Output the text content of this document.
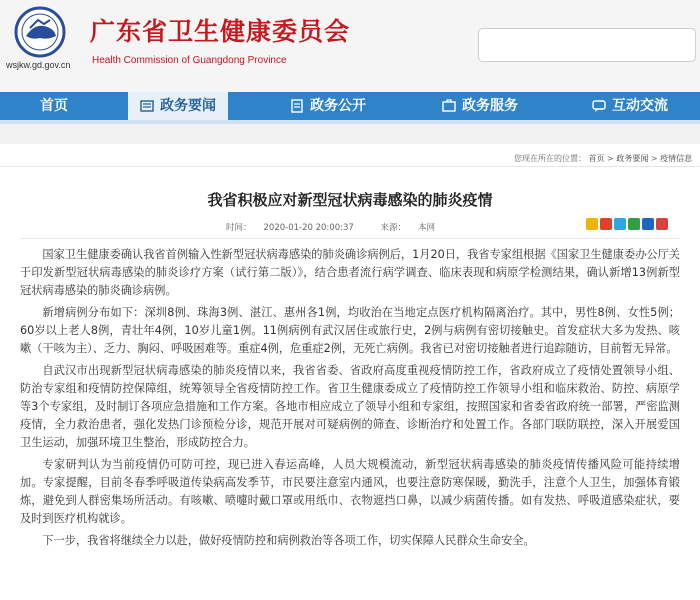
wsjkw.gd.gov.cn
广东省卫生健康委员会
Health Commission of Guangdong Province
首页	政务要闻	政务公开	政务服务	互动交流
您现在所在的位置： 首页 > 政务要闻 > 疫情信息
我省积极应对新型冠状病毒感染的肺炎疫情
时间： 2020-01-20 20:00:37	来源： 本网

国家卫生健康委确认我省首例输入性新型冠状病毒感染的肺炎确诊病例后，1月20日，我省专家组根据《国家卫生健康委办公厅关于印发新型冠状病毒感染的肺炎诊疗方案（试行第二版）》，结合患者流行病学调查、临床表现和病原学检测结果，确认新增13例新型冠状病毒感染的肺炎确诊病例。

新增病例分布如下：深圳8例、珠海3例、湛江、惠州各1例，均收治在当地定点医疗机构隔离治疗。其中，男性8例、女性5例；60岁以上老人8例，青壮年4例，10岁儿童1例。11例病例有武汉居住或旅行史，2例与病例有密切接触史。首发症状大多为发热、咳嗽（干咳为主）、乏力、胸闷、呼吸困难等。重症4例，危重症2例，无死亡病例。我省已对密切接触者进行追踪随访，目前暂无异常。

自武汉市出现新型冠状病毒感染的肺炎疫情以来，我省省委、省政府高度重视疫情防控工作，省政府成立了疫情处置领导小组、防治专家组和疫情防控保障组，统筹领导全省疫情防控工作。省卫生健康委成立了疫情防控工作领导小组和临床救治、防控、病原学等3个专家组，及时制订各项应急措施和工作方案。各地市相应成立了领导小组和专家组，按照国家和省委省政府统一部署，严密监测疫情，全力救治患者，强化发热门诊预检分诊，规范开展对可疑病例的筛查、诊断治疗和处置工作。各部门联防联控，深入开展爱国卫生运动，加强环境卫生整治，形成防控合力。

专家研判认为当前疫情仍可防可控，现已进入春运高峰，人员大规模流动，新型冠状病毒感染的肺炎疫情传播风险可能持续增加。专家提醒，目前冬春季呼吸道传染病高发季节，市民要注意室内通风，也要注意防寒保暖，勤洗手，注意个人卫生，加强体育锻炼，避免到人群密集场所活动。有咳嗽、喷嚏时戴口罩或用纸巾、衣物遮挡口鼻，以减少病菌传播。如有发热、呼吸道感染症状，要及时到医疗机构就诊。

下一步，我省将继续全力以赴，做好疫情防控和病例救治等各项工作，切实保障人民群众生命安全。
